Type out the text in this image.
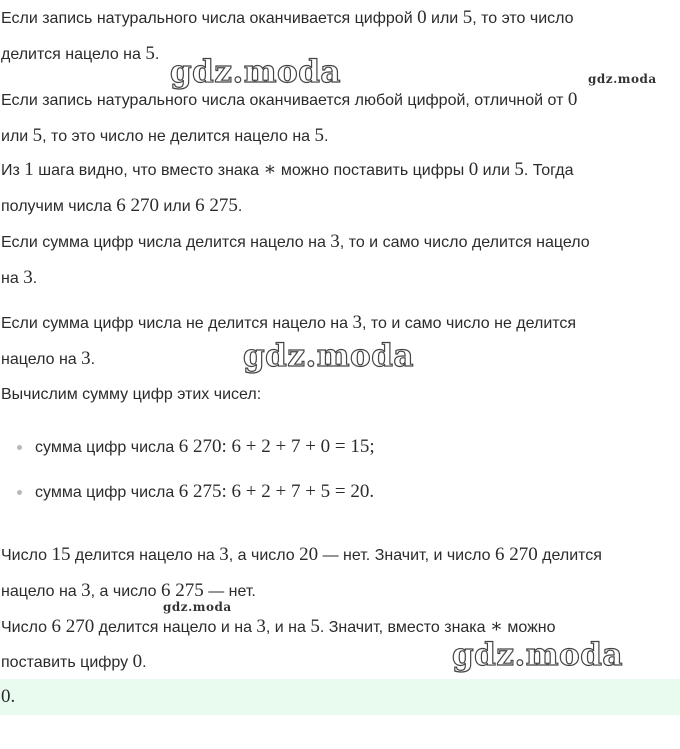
Если запись натурального числа оканчивается цифрой 0 или 5, то это число
делится нацело на 5.
Если запись натурального числа оканчивается любой цифрой, отличной от 0
или 5, то это число не делится нацело на 5.
Из 1 шага видно, что вместо знака ∗ можно поставить цифры 0 или 5. Тогда
получим числа 6 270 или 6 275.
Если сумма цифр числа делится нацело на 3, то и само число делится нацело
на 3.
Если сумма цифр числа не делится нацело на 3, то и само число не делится
нацело на 3.
Вычислим сумму цифр этих чисел:
Число 15 делится нацело на 3, а число 20 — нет. Значит, и число 6 270 делится
нацело на 3, а число 6 275 — нет.
Число 6 270 делится нацело и на 3, и на 5. Значит, вместо знака ∗ можно
поставить цифру 0.
сумма цифр числа 6 270: 6 + 2 + 7 + 0 = 15;
сумма цифр числа 6 275: 6 + 2 + 7 + 5 = 20.
0.
gdz.moda	gdz.moda
gdz.moda
gdz.moda
gdz.moda
